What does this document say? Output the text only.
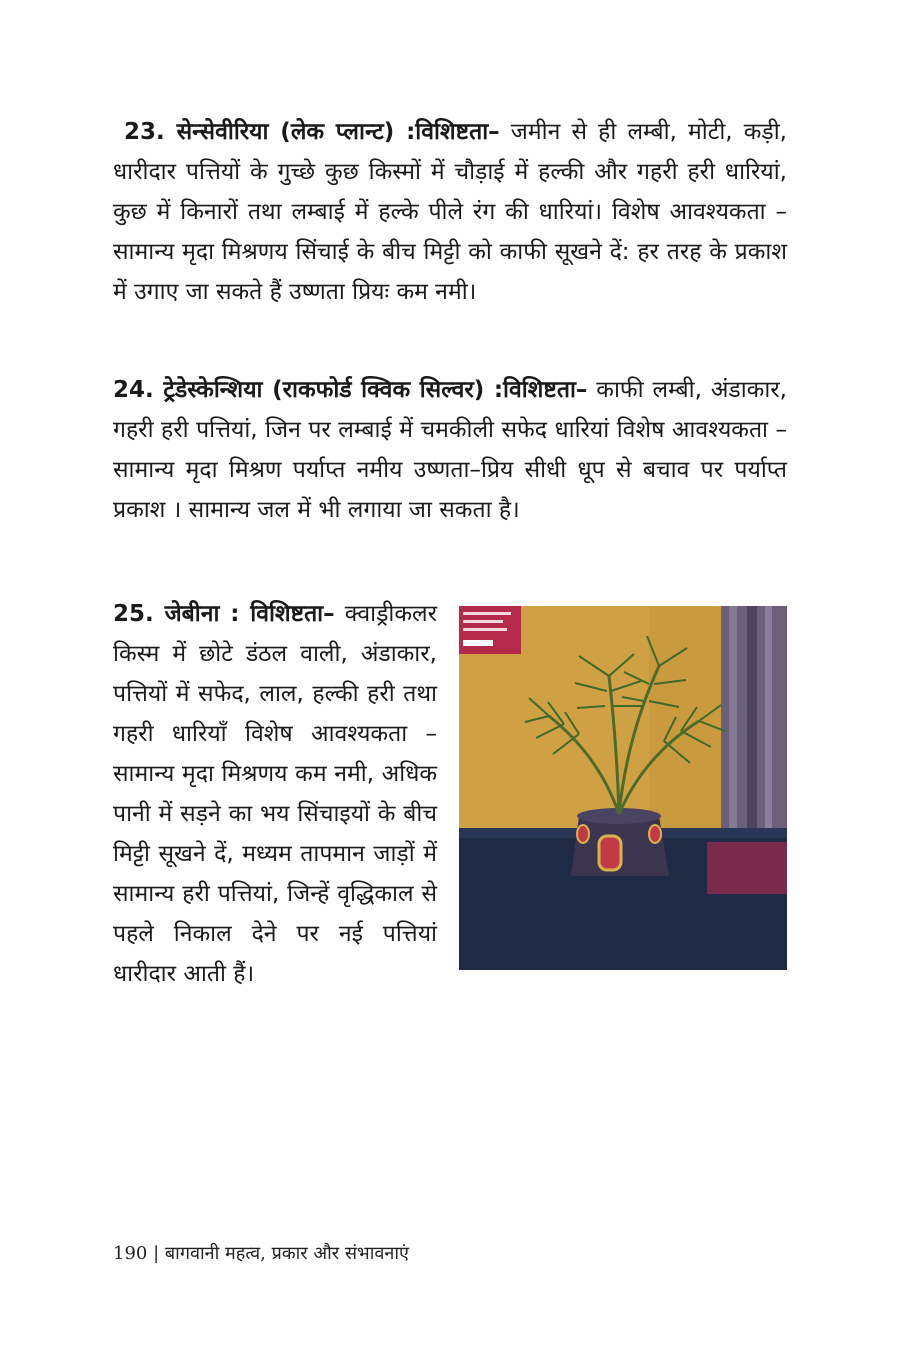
23. सेन्सेवीरिया (लेक प्लान्ट) :विशिष्टता– जमीन से ही लम्बी, मोटी, कड़ी, धारीदार पत्तियों के गुच्छे कुछ किस्मों में चौड़ाई में हल्की और गहरी हरी धारियां, कुछ में किनारों तथा लम्बाई में हल्के पीले रंग की धारियां। विशेष आवश्यकता – सामान्य मृदा मिश्रणय सिंचाई के बीच मिट्टी को काफी सूखने दें: हर तरह के प्रकाश में उगाए जा सकते हैं उष्णता प्रियः कम नमी।

24. ट्रेडेस्केन्शिया (राकफोर्ड क्विक सिल्वर) :विशिष्टता– काफी लम्बी, अंडाकार, गहरी हरी पत्तियां, जिन पर लम्बाई में चमकीली सफेद धारियां विशेष आवश्यकता – सामान्य मृदा मिश्रण पर्याप्त नमीय उष्णता–प्रिय सीधी धूप से बचाव पर पर्याप्त प्रकाश । सामान्य जल में भी लगाया जा सकता है।

25. जेबीना : विशिष्टता– क्वाड्रीकलर किस्म में छोटे डंठल वाली, अंडाकार, पत्तियों में सफेद, लाल, हल्की हरी तथा गहरी धारियाँ विशेष आवश्यकता – सामान्य मृदा मिश्रणय कम नमी, अधिक पानी में सड़ने का भय सिंचाइयों के बीच मिट्टी सूखने दें, मध्यम तापमान जाड़ों में सामान्य हरी पत्तियां, जिन्हें वृद्धिकाल से पहले निकाल देने पर नई पत्तियां धारीदार आती हैं।
190 | बागवानी महत्व, प्रकार और संभावनाएं
